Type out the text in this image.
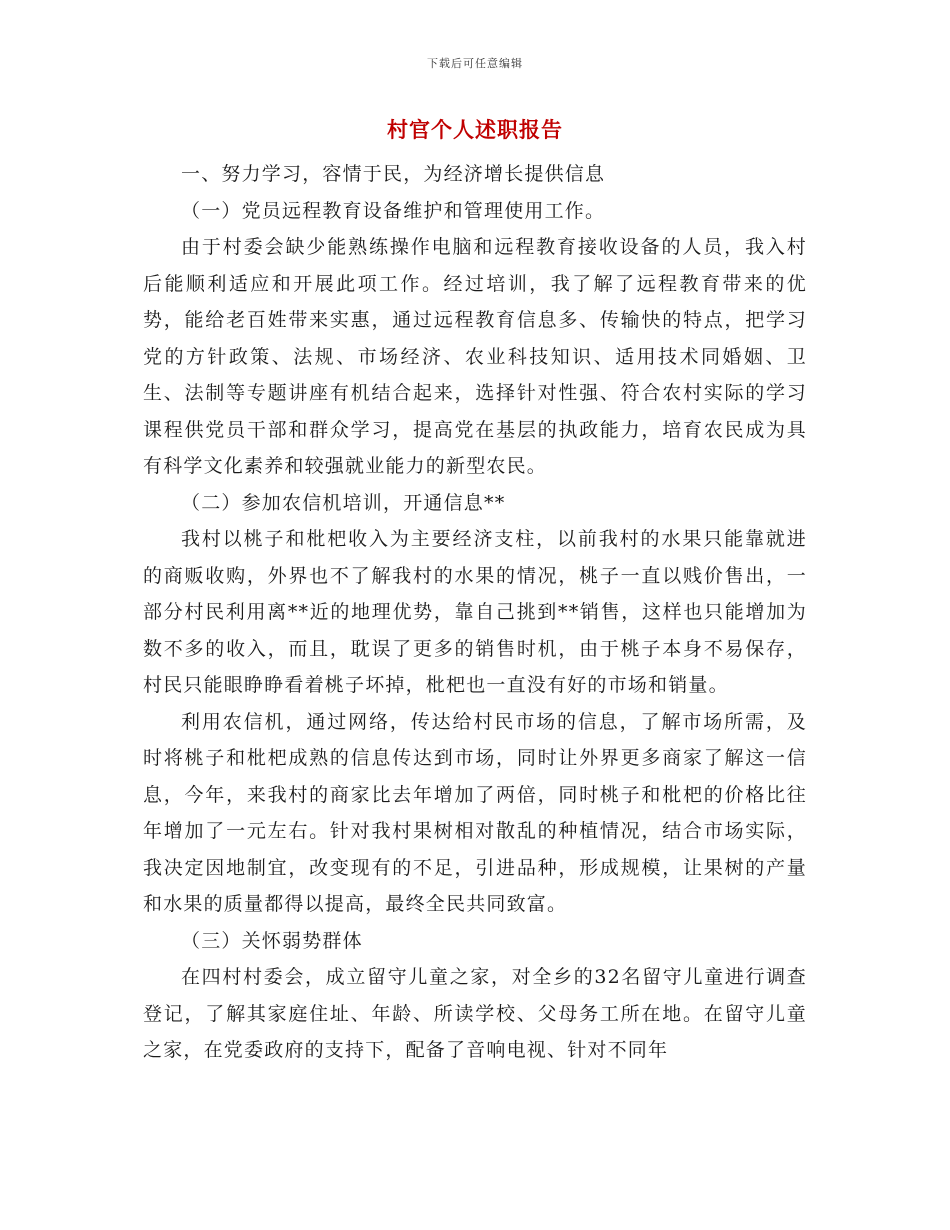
下载后可任意编辑
村官个人述职报告

一、努力学习，容情于民，为经济增长提供信息

（一）党员远程教育设备维护和管理使用工作。

由于村委会缺少能熟练操作电脑和远程教育接收设备的人员，我入村后能顺利适应和开展此项工作。经过培训，我了解了远程教育带来的优势，能给老百姓带来实惠，通过远程教育信息多、传输快的特点，把学习党的方针政策、法规、市场经济、农业科技知识、适用技术同婚姻、卫生、法制等专题讲座有机结合起来，选择针对性强、符合农村实际的学习课程供党员干部和群众学习，提高党在基层的执政能力，培育农民成为具有科学文化素养和较强就业能力的新型农民。

（二）参加农信机培训，开通信息**

我村以桃子和枇杷收入为主要经济支柱，以前我村的水果只能靠就进的商贩收购，外界也不了解我村的水果的情况，桃子一直以贱价售出，一部分村民利用离**近的地理优势，靠自己挑到**销售，这样也只能增加为数不多的收入，而且，耽误了更多的销售时机，由于桃子本身不易保存，村民只能眼睁睁看着桃子坏掉，枇杷也一直没有好的市场和销量。

利用农信机，通过网络，传达给村民市场的信息，了解市场所需，及时将桃子和枇杷成熟的信息传达到市场，同时让外界更多商家了解这一信息，今年，来我村的商家比去年增加了两倍，同时桃子和枇杷的价格比往年增加了一元左右。针对我村果树相对散乱的种植情况，结合市场实际，我决定因地制宜，改变现有的不足，引进品种，形成规模，让果树的产量和水果的质量都得以提高，最终全民共同致富。

（三）关怀弱势群体

在四村村委会，成立留守儿童之家，对全乡的32名留守儿童进行调查登记，了解其家庭住址、年龄、所读学校、父母务工所在地。在留守儿童之家，在党委政府的支持下，配备了音响电视、针对不同年
